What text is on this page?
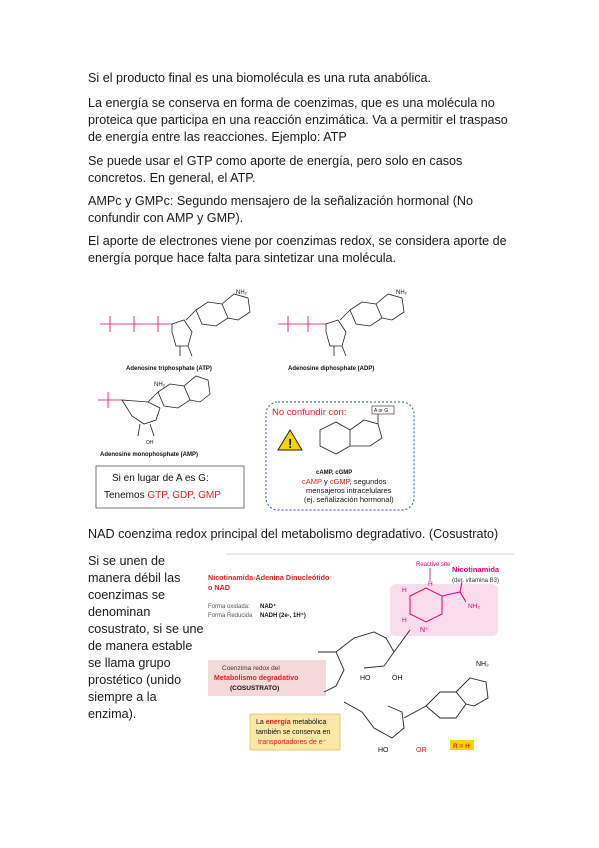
Si el producto final es una biomolécula es una ruta anabólica.

La energía se conserva en forma de coenzimas, que es una molécula no proteica que participa en una reacción enzimática. Va a permitir el traspaso de energía entre las reacciones. Ejemplo: ATP

Se puede usar el GTP como aporte de energía, pero solo en casos concretos. En general, el ATP.

AMPc y GMPc: Segundo mensajero de la señalización hormonal (No confundir con AMP y GMP).

El aporte de electrones viene por coenzimas redox, se considera aporte de energía porque hace falta para sintetizar una molécula.

NH₂
Adenosine triphosphate (ATP)
NH₂
Adenosine diphosphate (ADP)
NH₂
OH
Adenosine monophosphate (AMP)
Si en lugar de A es G:
Tenemos GTP, GDP, GMP
No confundir con:
!
A or G
cAMP, cGMP
cAMP y cGMP, segundos
mensajeros intracelulares
(ej. señalización hormonal)

NAD coenzima redox principal del metabolismo degradativo. (Cosustrato)

Si se unen de manera débil las coenzimas se denominan cosustrato, si se une de manera estable se llama grupo prostético (unido siempre a la enzima).

Nicotinamida-Adenina Dinucleótido
o NAD
Forma oxidada: NAD⁺
Forma Reducida NADH (2e-, 1H⁺)
Reactive site Nicotinamida
(der. vitamina B3)
N⁺
NH₂
H
H
H
Coenzima redox del
Metabolismo degradativo
(COSUSTRATO)
NH₂
HO	OH
HO	OR
R = H
La energía metabólica
también se conserva en
transportadores de e⁻
